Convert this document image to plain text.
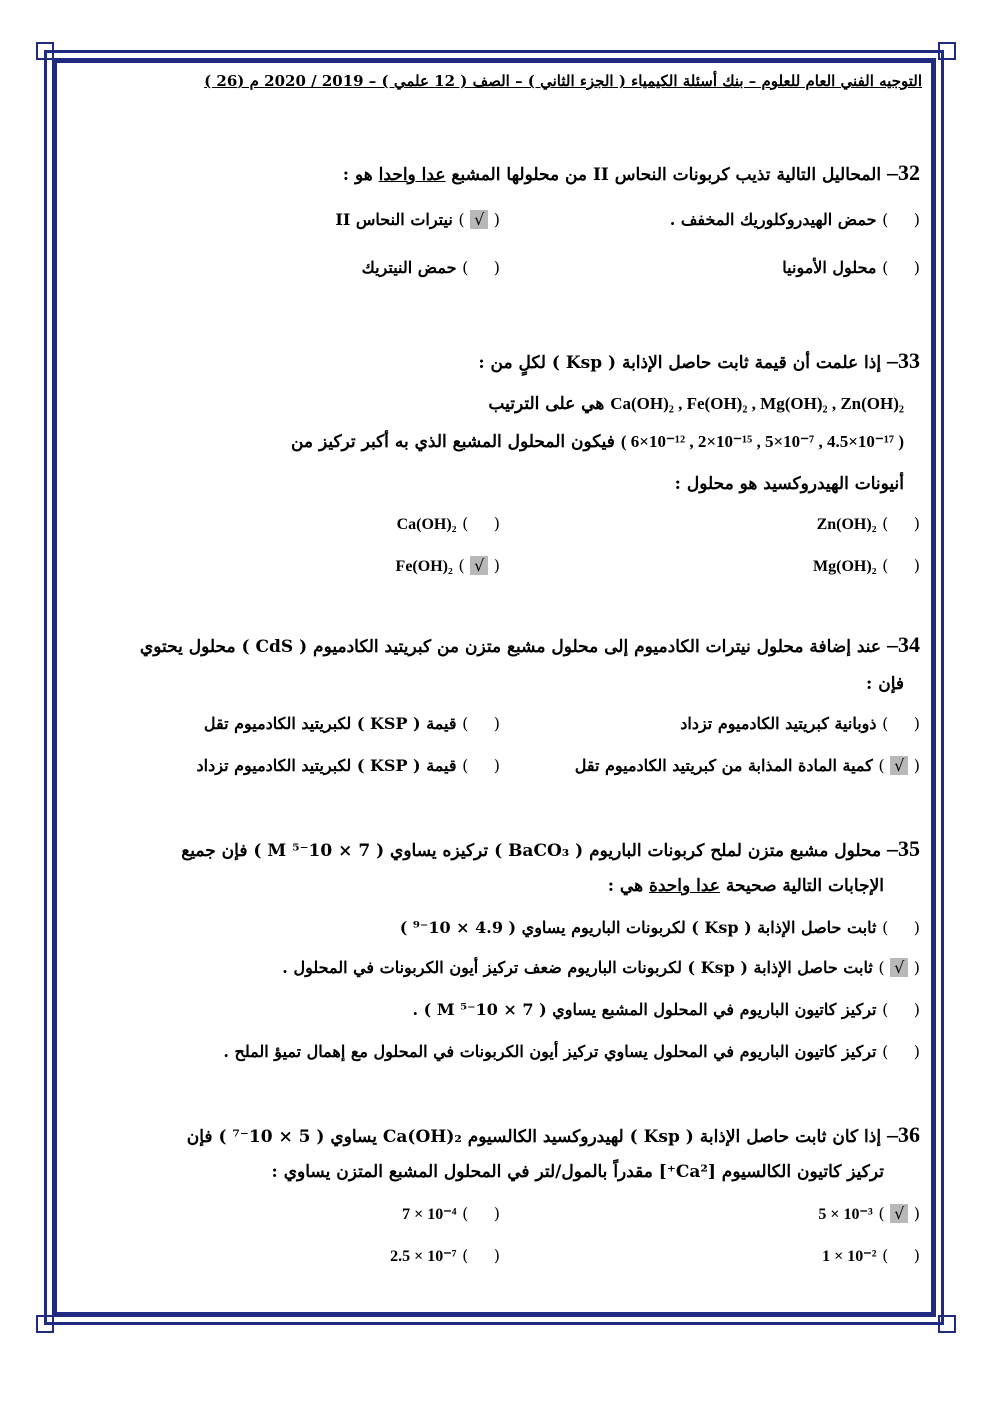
التوجيه الفني العام للعلوم – بنك أسئلة الكيمياء ( الجزء الثاني ) – الصف ( 12 علمي ) – 2019 / 2020 م (26 )
32– المحاليل التالية تذيب كربونات النحاس II من محلولها المشبع عدا واحدا هو :
(     ) حمض الهيدروكلوريك المخفف .
( √ ) نيترات النحاس II
(     ) محلول الأمونيا
(     ) حمض النيتريك
33– إذا علمت أن قيمة ثابت حاصل الإذابة ( Ksp ) لكلٍ من :
Ca(OH)₂ , Fe(OH)₂ , Mg(OH)₂ , Zn(OH)₂ هي على الترتيب
( 6×10⁻¹² , 2×10⁻¹⁵ , 5×10⁻⁷ , 4.5×10⁻¹⁷ ) فيكون المحلول المشبع الذي به أكبر تركيز من
أنيونات الهيدروكسيد هو محلول :
(     ) Zn(OH)₂
(     ) Ca(OH)₂
(     ) Mg(OH)₂
( √ ) Fe(OH)₂
34– عند إضافة محلول نيترات الكادميوم إلى محلول مشبع متزن من كبريتيد الكادميوم ( CdS ) محلول يحتوي
فإن :
(     ) ذوبانية كبريتيد الكادميوم تزداد
(     ) قيمة ( KSP ) لكبريتيد الكادميوم تقل
( √ ) كمية المادة المذابة من كبريتيد الكادميوم تقل
(     ) قيمة ( KSP ) لكبريتيد الكادميوم تزداد
35– محلول مشبع متزن لملح كربونات الباريوم ( BaCO₃ ) تركيزه يساوي ( 7 × 10⁻⁵ M ) فإن جميع
الإجابات التالية صحيحة عدا واحدة هي :
(     ) ثابت حاصل الإذابة ( Ksp ) لكربونات الباريوم يساوي ( 4.9 × 10⁻⁹ )
( √ ) ثابت حاصل الإذابة ( Ksp ) لكربونات الباريوم ضعف تركيز أيون الكربونات في المحلول .
(     ) تركيز كاتيون الباريوم في المحلول المشبع يساوي ( 7 × 10⁻⁵ M ) .
(     ) تركيز كاتيون الباريوم في المحلول يساوي تركيز أيون الكربونات في المحلول مع إهمال تميؤ الملح .
36– إذا كان ثابت حاصل الإذابة ( Ksp ) لهيدروكسيد الكالسيوم Ca(OH)₂ يساوي ( 5 × 10⁻⁷ ) فإن
تركيز كاتيون الكالسيوم [Ca²⁺] مقدراً بالمول/لتر في المحلول المشبع المتزن يساوي :
( √ ) 5 × 10⁻³
(     ) 7 × 10⁻⁴
(     ) 1 × 10⁻²
(     ) 2.5 × 10⁻⁷
